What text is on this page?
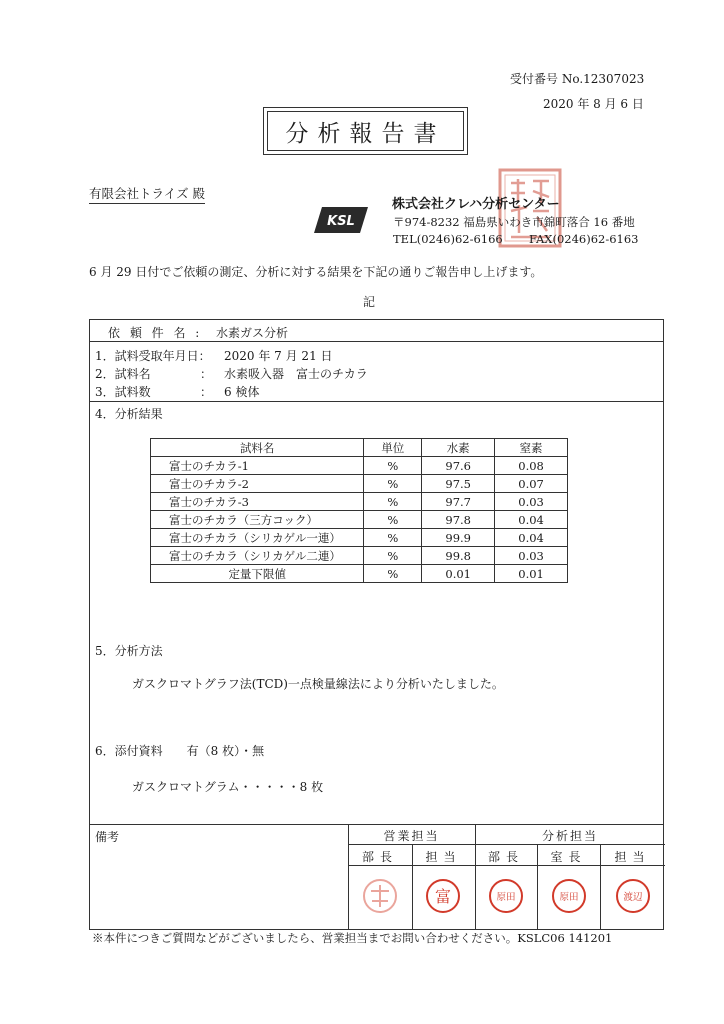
受付番号 No.12307023
2020 年 8 月 6 日
分析報告書
有限会社トライズ 殿
KSL
株式会社クレハ分析センター
〒974-8232 福島県いわき市錦町落合 16 番地
TEL(0246)62-6166 FAX(0246)62-6163
6 月 29 日付でご依頼の測定、分析に対する結果を下記の通りご報告申し上げます。
記
依 頼 件 名 : 水素ガス分析
1．試料受取年月日： 2020 年 7 月 21 日
2．試料名	： 水素吸入器　富士のチカラ
3．試料数	： 6 検体
4．分析結果
5．分析方法
ガスクロマトグラフ法(TCD)一点検量線法により分析いたしました。
6．添付資料　　有（8 枚）・無
ガスクロマトグラム・・・・・8 枚
試料名	単位	水素	窒素
富士のチカラ-1	%	97.6	0.08
富士のチカラ-2	%	97.5	0.07
富士のチカラ-3	%	97.7	0.03
富士のチカラ（三方コック）	%	97.8	0.04
富士のチカラ（シリカゲル一連）	%	99.9	0.04
富士のチカラ（シリカゲル二連）	%	99.8	0.03
定量下限値	%	0.01	0.01
備考	営業担当	分析担当
部長	担当	部長	室長	担当
富	原田	原田	渡辺
※本件につきご質問などがございましたら、営業担当までお問い合わせください。KSLC06 141201
